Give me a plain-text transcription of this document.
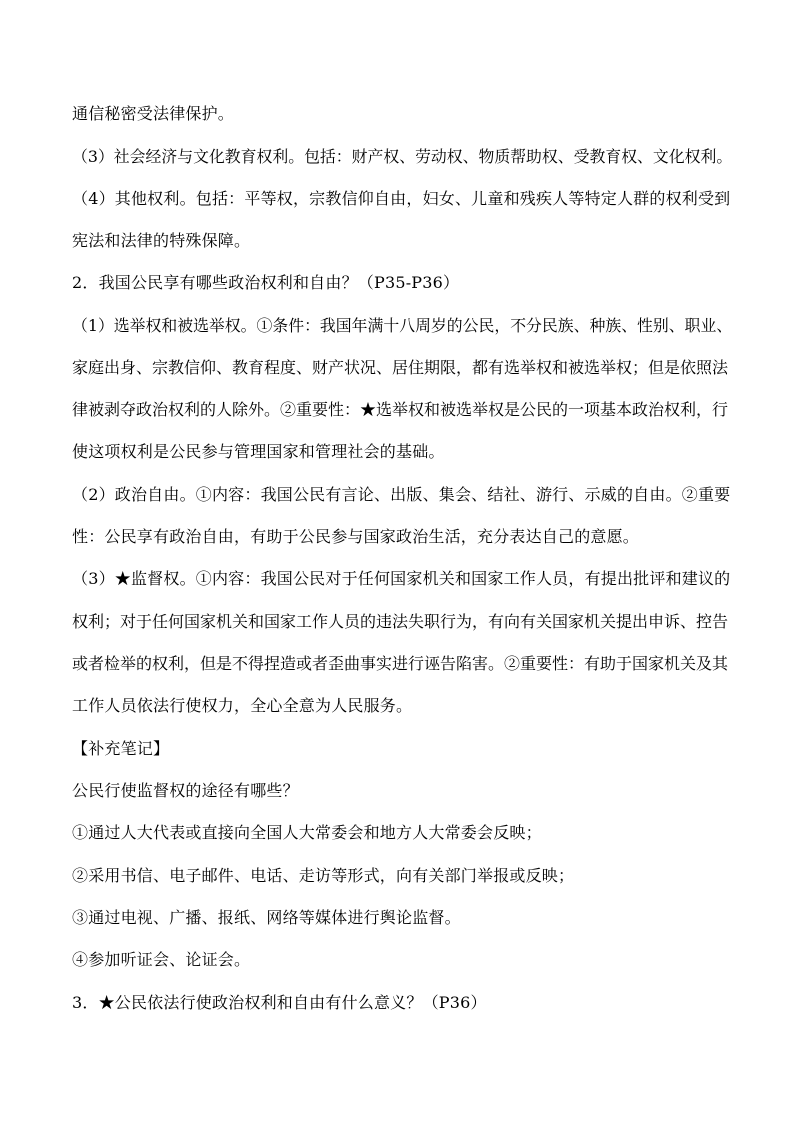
通信秘密受法律保护。
（3）社会经济与文化教育权利。包括：财产权、劳动权、物质帮助权、受教育权、文化权利。
（4）其他权利。包括：平等权，宗教信仰自由，妇女、儿童和残疾人等特定人群的权利受到
宪法和法律的特殊保障。
2．我国公民享有哪些政治权利和自由？（P35-P36）
（1）选举权和被选举权。①条件：我国年满十八周岁的公民，不分民族、种族、性别、职业、
家庭出身、宗教信仰、教育程度、财产状况、居住期限，都有选举权和被选举权；但是依照法
律被剥夺政治权利的人除外。②重要性：★选举权和被选举权是公民的一项基本政治权利，行
使这项权利是公民参与管理国家和管理社会的基础。
（2）政治自由。①内容：我国公民有言论、出版、集会、结社、游行、示威的自由。②重要
性：公民享有政治自由，有助于公民参与国家政治生活，充分表达自己的意愿。
（3）★监督权。①内容：我国公民对于任何国家机关和国家工作人员，有提出批评和建议的
权利；对于任何国家机关和国家工作人员的违法失职行为，有向有关国家机关提出申诉、控告
或者检举的权利，但是不得捏造或者歪曲事实进行诬告陷害。②重要性：有助于国家机关及其
工作人员依法行使权力，全心全意为人民服务。
【补充笔记】
公民行使监督权的途径有哪些？
①通过人大代表或直接向全国人大常委会和地方人大常委会反映；
②采用书信、电子邮件、电话、走访等形式，向有关部门举报或反映；
③通过电视、广播、报纸、网络等媒体进行舆论监督。
④参加听证会、论证会。
3．★公民依法行使政治权利和自由有什么意义？（P36）
